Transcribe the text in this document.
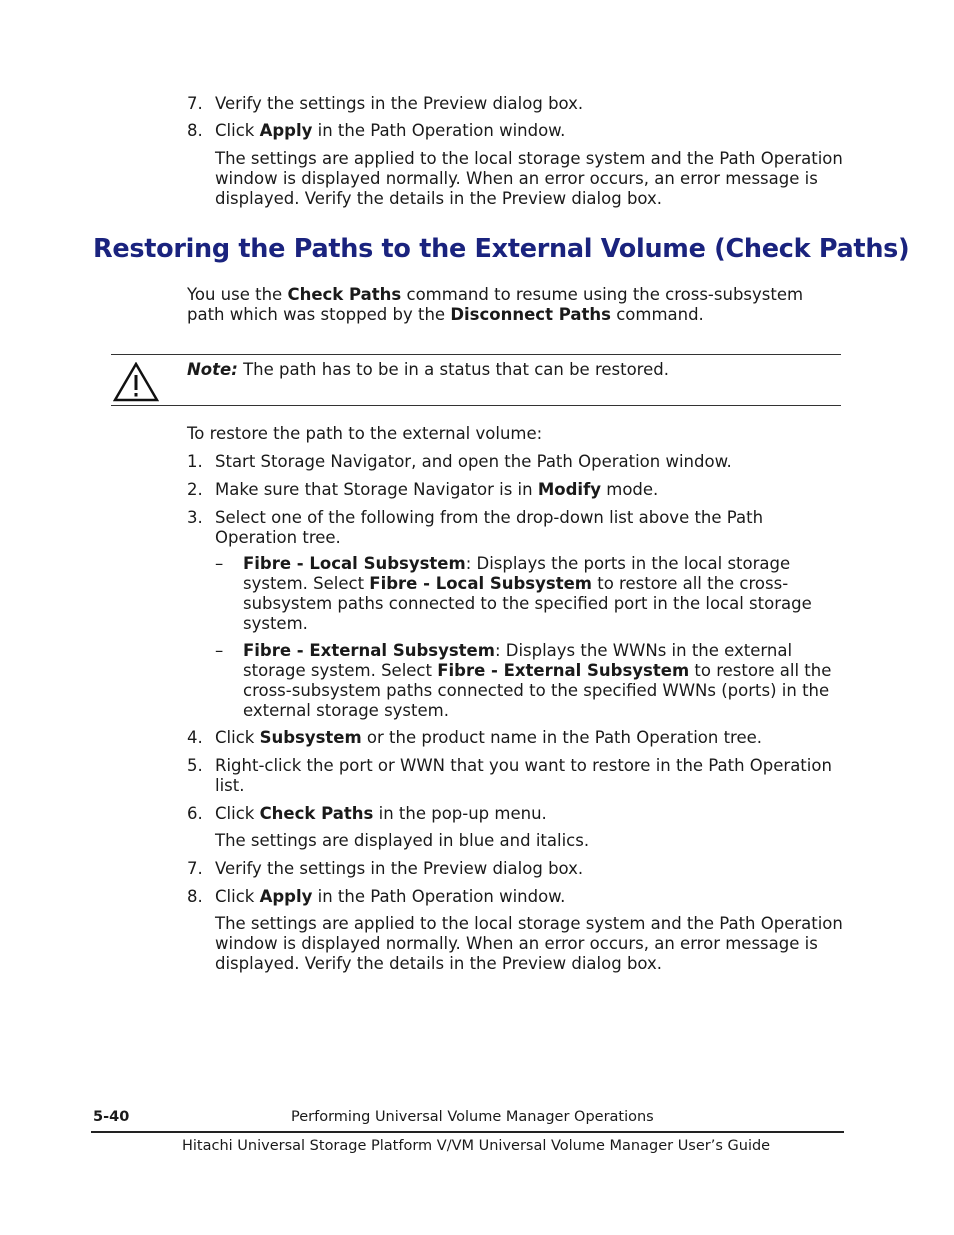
7. Verify the settings in the Preview dialog box.
8. Click Apply in the Path Operation window.
The settings are applied to the local storage system and the Path Operation window is displayed normally. When an error occurs, an error message is displayed. Verify the details in the Preview dialog box.
Restoring the Paths to the External Volume (Check Paths)
You use the Check Paths command to resume using the cross-subsystem path which was stopped by the Disconnect Paths command.
Note: The path has to be in a status that can be restored.
To restore the path to the external volume:
1. Start Storage Navigator, and open the Path Operation window.
2. Make sure that Storage Navigator is in Modify mode.
3. Select one of the following from the drop-down list above the Path Operation tree.
– Fibre - Local Subsystem: Displays the ports in the local storage system. Select Fibre - Local Subsystem to restore all the cross-subsystem paths connected to the specified port in the local storage system.
– Fibre - External Subsystem: Displays the WWNs in the external storage system. Select Fibre - External Subsystem to restore all the cross-subsystem paths connected to the specified WWNs (ports) in the external storage system.
4. Click Subsystem or the product name in the Path Operation tree.
5. Right-click the port or WWN that you want to restore in the Path Operation list.
6. Click Check Paths in the pop-up menu.
The settings are displayed in blue and italics.
7. Verify the settings in the Preview dialog box.
8. Click Apply in the Path Operation window.
The settings are applied to the local storage system and the Path Operation window is displayed normally. When an error occurs, an error message is displayed. Verify the details in the Preview dialog box.
5-40	Performing Universal Volume Manager Operations
Hitachi Universal Storage Platform V/VM Universal Volume Manager User’s Guide
